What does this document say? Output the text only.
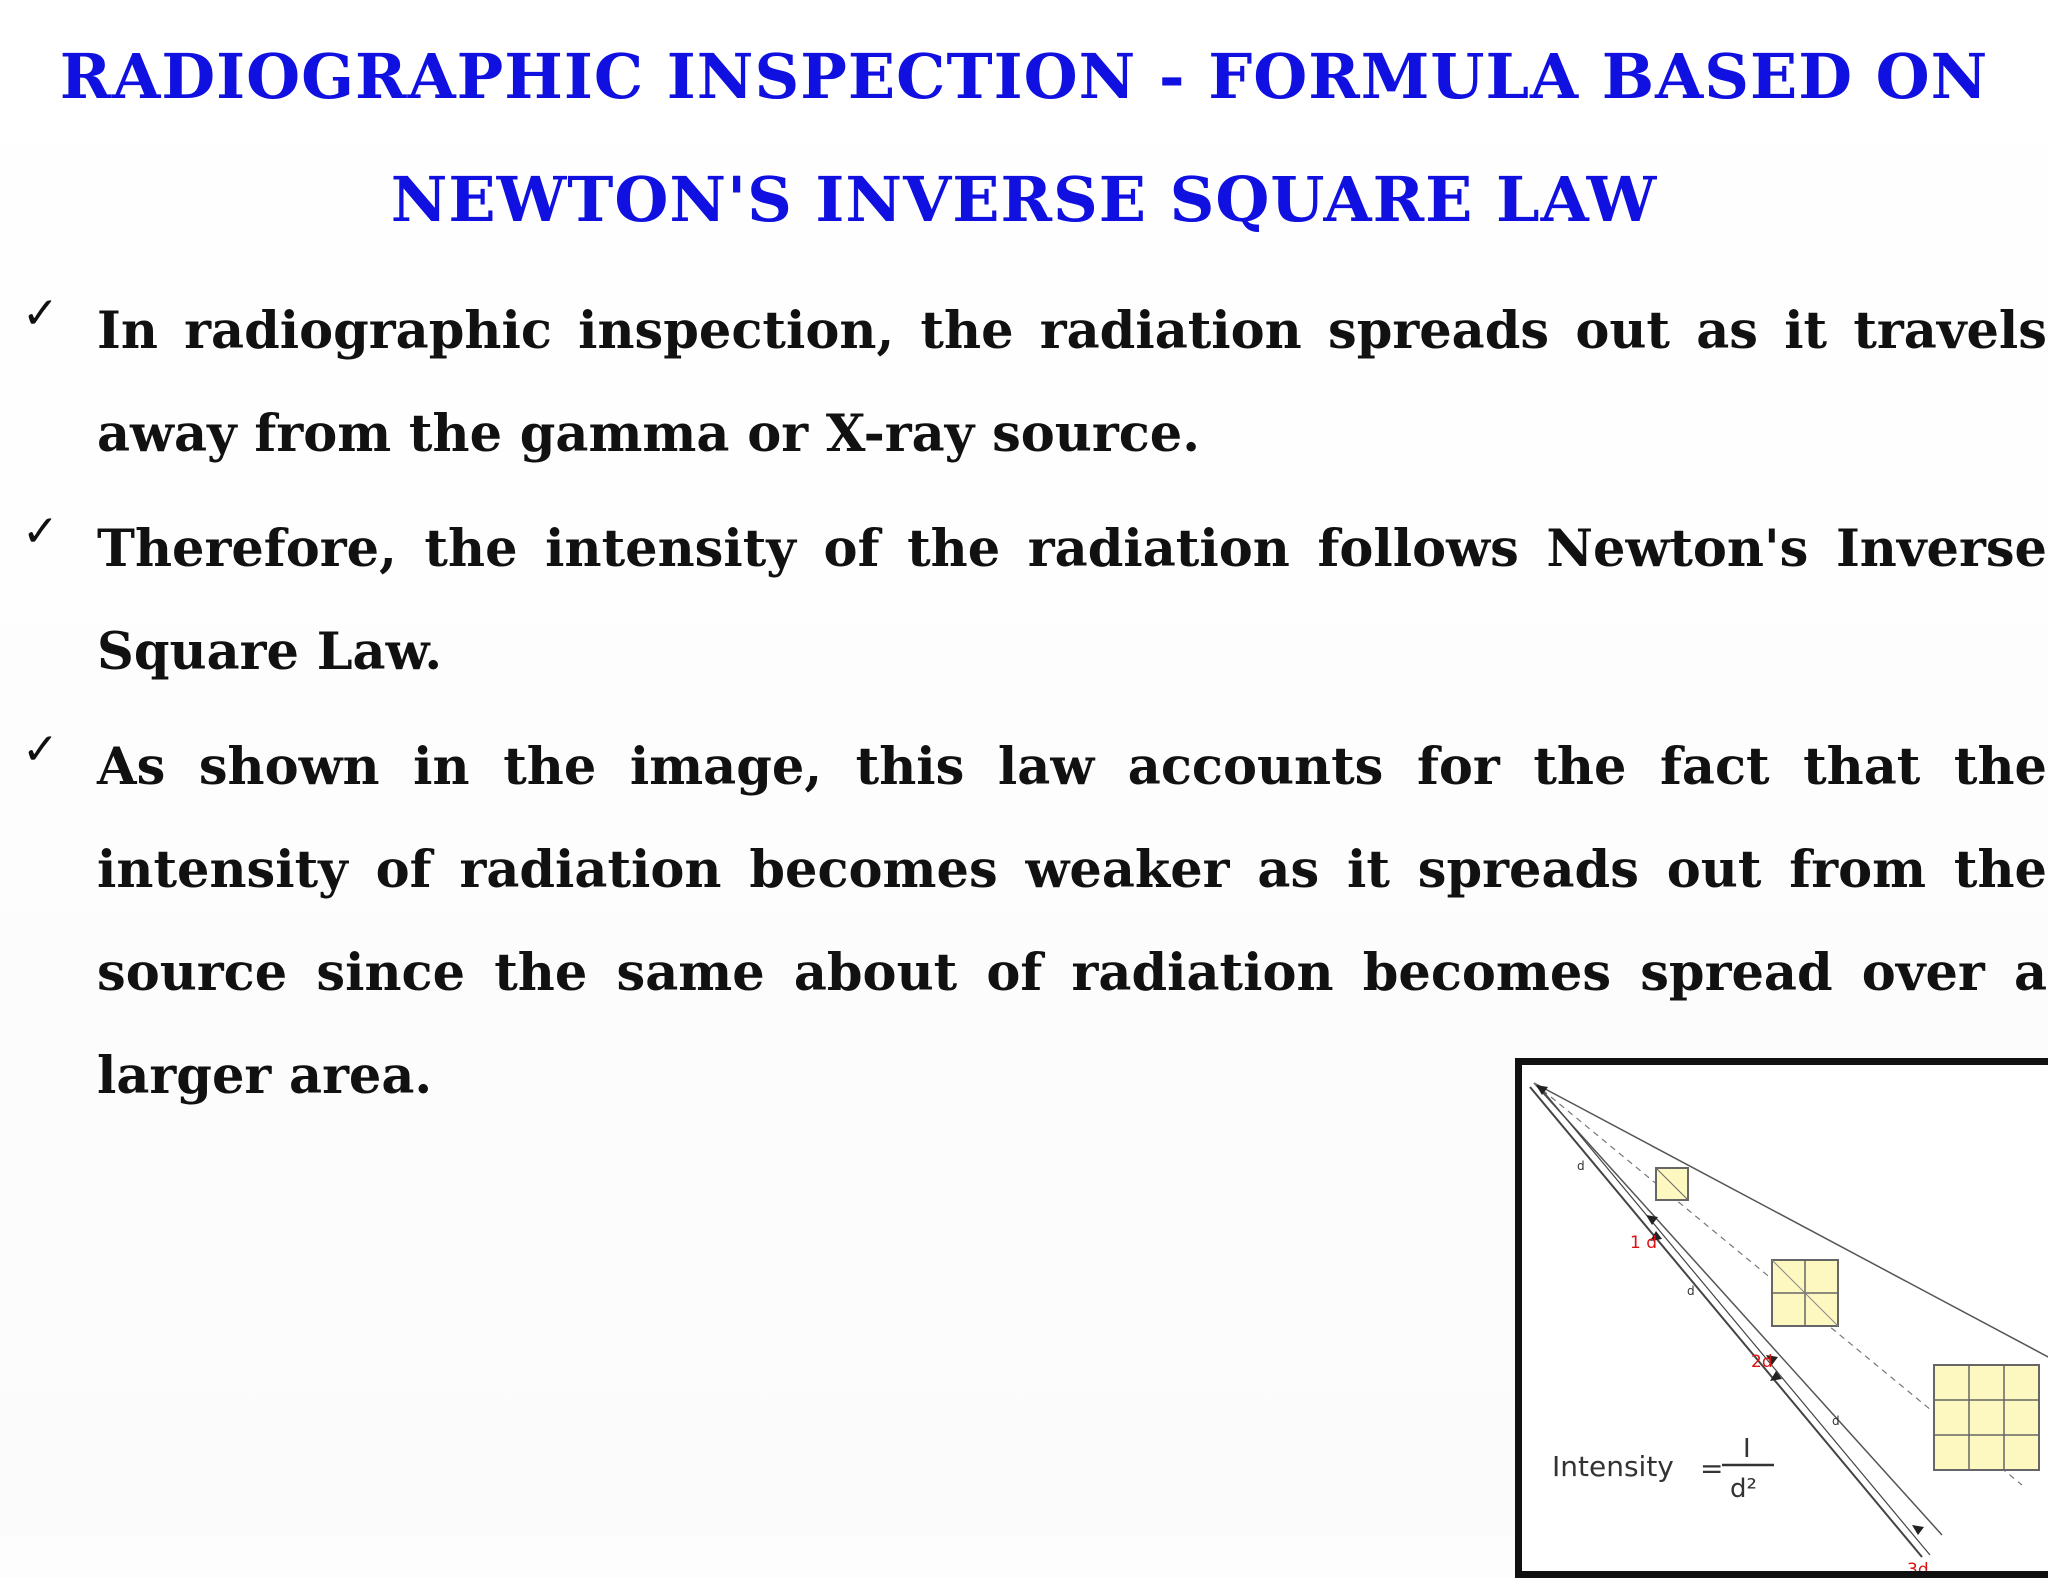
RADIOGRAPHIC INSPECTION - FORMULA BASED ON
NEWTON'S INVERSE SQUARE LAW
✓ In radiographic inspection, the radiation spreads out as it travels away from the gamma or X-ray source.

✓ Therefore, the intensity of the radiation follows Newton's Inverse Square Law.

✓ As shown in the image, this law accounts for the fact that the intensity of radiation becomes weaker as it spreads out from the source since the same about of radiation becomes spread over a larger area.

d
d
d
1 d
2d
3d
Intensity =
I
d²
